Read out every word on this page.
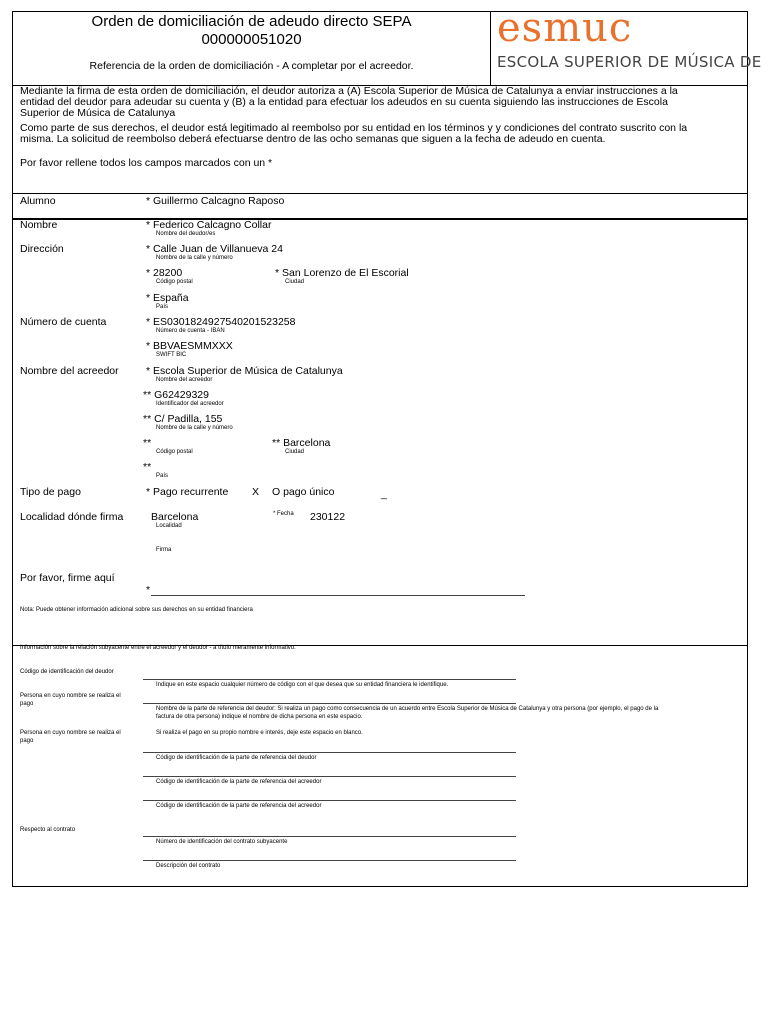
Orden de domiciliación de adeudo directo SEPA
000000051020
Referencia de la orden de domiciliación - A completar por el acreedor.
esmuc
ESCOLA SUPERIOR DE MÚSICA DE
Mediante la firma de esta orden de domiciliación, el deudor autoriza a (A) Escola Superior de Música de Catalunya a enviar instrucciones a la
entidad del deudor para adeudar su cuenta y (B) a la entidad para efectuar los adeudos en su cuenta siguiendo las instrucciones de Escola
Superior de Música de Catalunya
Como parte de sus derechos, el deudor está legitimado al reembolso por su entidad en los términos y y condiciones del contrato suscrito con la
misma. La solicitud de reembolso deberá efectuarse dentro de las ocho semanas que siguen a la fecha de adeudo en cuenta.
Por favor rellene todos los campos marcados con un *
Alumno	* Guillermo Calcagno Raposo
Nombre	* Federico Calcagno Collar
Nombre del deudor/es
Dirección	* Calle Juan de Villanueva 24
Nombre de la calle y número
* 28200
Código postal
* San Lorenzo de El Escorial
Ciudad
* España
País
Número de cuenta	* ES0301824927540201523258
Número de cuenta - IBAN
* BBVAESMMXXX
SWIFT BIC
Nombre del acreedor	* Escola Superior de Música de Catalunya
Nombre del acreedor
** G62429329
Identificador del acreedor
** C/ Padilla, 155
Nombre de la calle y número
**
Código postal
** Barcelona
Ciudad
**
País
Tipo de pago	* Pago recurrente X O pago único	_
Localidad dónde firma	Barcelona
Localidad
* Fecha 230122
Firma
Por favor, firme aquí
*
Nota: Puede obtener información adicional sobre sus derechos en su entidad financiera
Información sobre la relación subyacente entre el acreedor y el deudor - a título meramente informativo.
Código de identificación del deudor
Indique en este espacio cualquier número de código con el que desea que su entidad financiera le identifique.
Persona en cuyo nombre se realiza el
pago
Nombre de la parte de referencia del deudor: Si realiza un pago como consecuencia de un acuerdo entre Escola Superior de Música de Catalunya y otra persona (por ejemplo, el pago de la
factura de otra persona) indique el nombre de dicha persona en este espacio.
Persona en cuyo nombre se realiza el
pago
Si realiza el pago en su propio nombre e interés, deje este espacio en blanco.
Código de identificación de la parte de referencia del deudor
Código de identificación de la parte de referencia del acreedor
Código de identificación de la parte de referencia del acreedor
Respecto al contrato
Número de identificación del contrato subyacente
Descripción del contrato
